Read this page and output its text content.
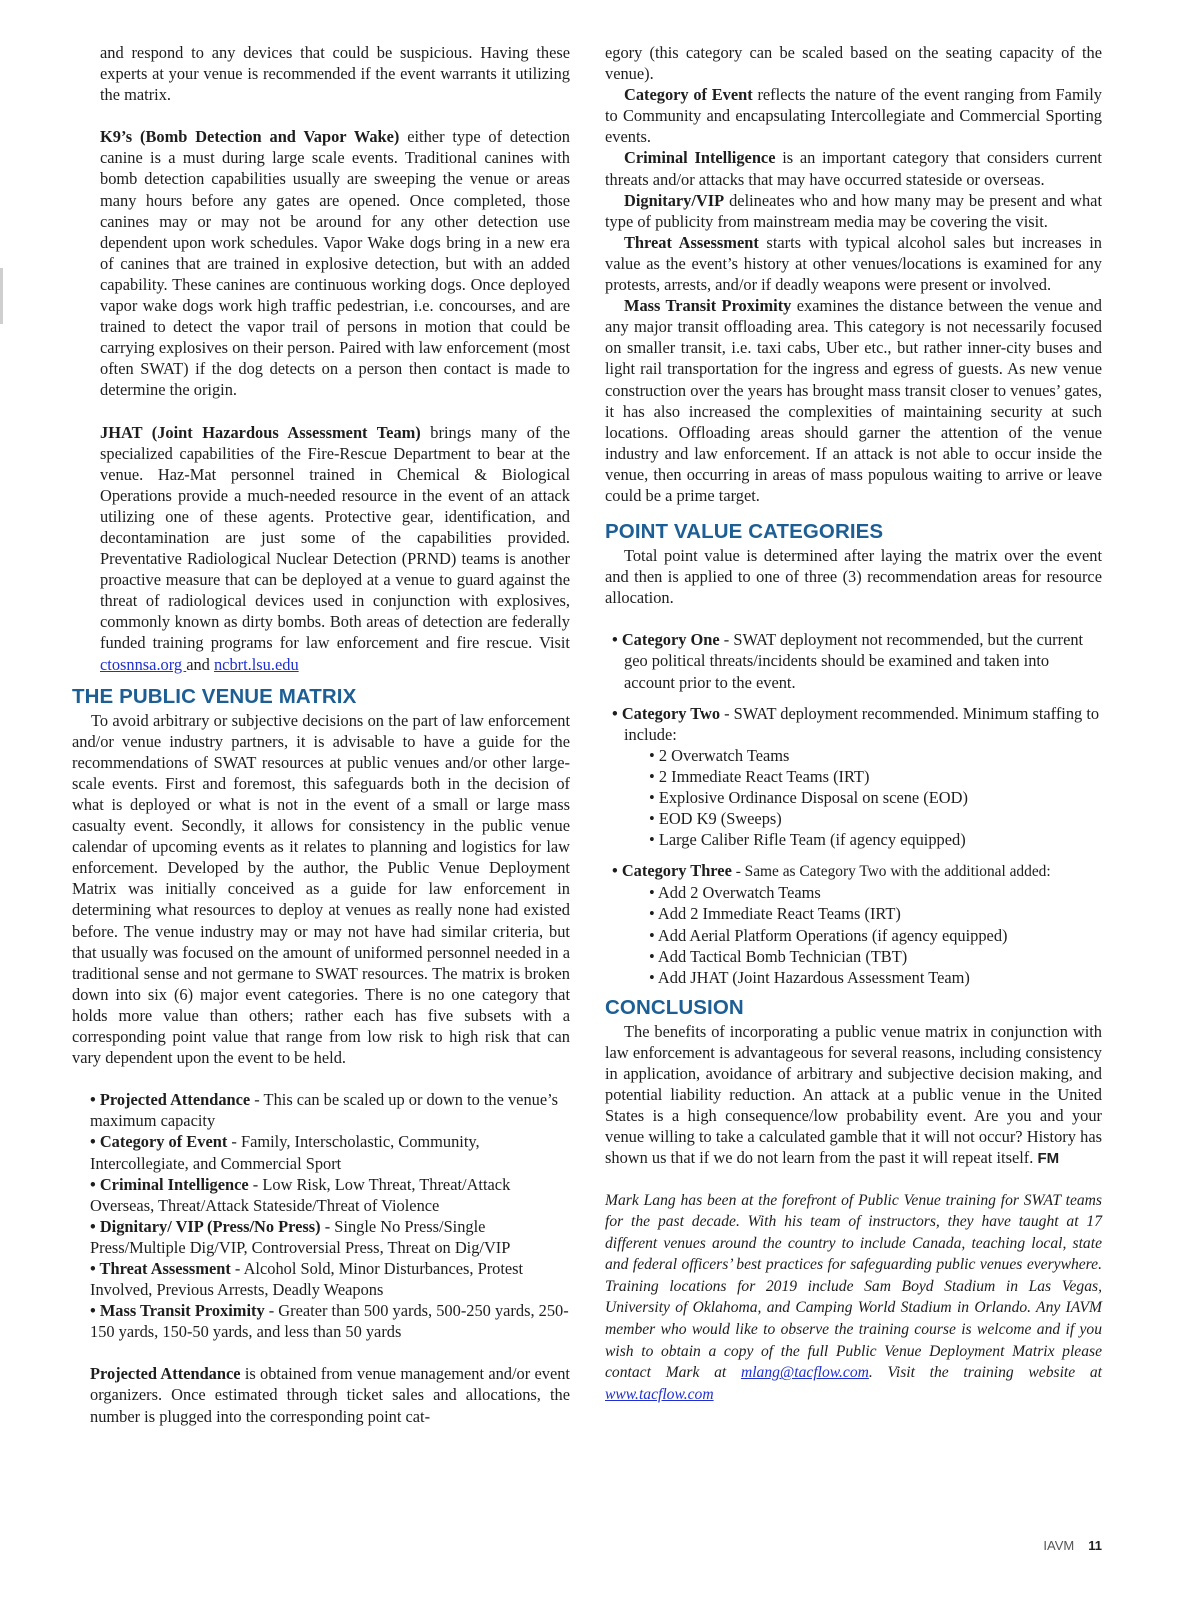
and respond to any devices that could be suspicious. Having these experts at your venue is recommended if the event warrants it utilizing the matrix.

K9’s (Bomb Detection and Vapor Wake) either type of detection canine is a must during large scale events. Traditional canines with bomb detection capabilities usually are sweeping the venue or areas many hours before any gates are opened. Once completed, those canines may or may not be around for any other detection use dependent upon work schedules. Vapor Wake dogs bring in a new era of canines that are trained in explosive detection, but with an added capability. These canines are continuous working dogs. Once deployed vapor wake dogs work high traffic pedestrian, i.e. concourses, and are trained to detect the vapor trail of persons in motion that could be carrying explosives on their person. Paired with law enforcement (most often SWAT) if the dog detects on a person then contact is made to determine the origin.

JHAT (Joint Hazardous Assessment Team) brings many of the specialized capabilities of the Fire-Rescue Department to bear at the venue. Haz-Mat personnel trained in Chemical & Biological Operations provide a much-needed resource in the event of an attack utilizing one of these agents. Protective gear, identification, and decontamination are just some of the capabilities provided. Preventative Radiological Nuclear Detection (PRND) teams is another proactive measure that can be deployed at a venue to guard against the threat of radiological devices used in conjunction with explosives, commonly known as dirty bombs. Both areas of detection are federally funded training programs for law enforcement and fire rescue. Visit ctosnnsa.org and ncbrt.lsu.edu

THE PUBLIC VENUE MATRIX

To avoid arbitrary or subjective decisions on the part of law enforcement and/or venue industry partners, it is advisable to have a guide for the recommendations of SWAT resources at public venues and/or other large-scale events. First and foremost, this safeguards both in the decision of what is deployed or what is not in the event of a small or large mass casualty event. Secondly, it allows for consistency in the public venue calendar of upcoming events as it relates to planning and logistics for law enforcement. Developed by the author, the Public Venue Deployment Matrix was initially conceived as a guide for law enforcement in determining what resources to deploy at venues as really none had existed before. The venue industry may or may not have had similar criteria, but that usually was focused on the amount of uniformed personnel needed in a traditional sense and not germane to SWAT resources. The matrix is broken down into six (6) major event categories. There is no one category that holds more value than others; rather each has five subsets with a corresponding point value that range from low risk to high risk that can vary dependent upon the event to be held.

• Projected Attendance - This can be scaled up or down to the venue’s maximum capacity
• Category of Event - Family, Interscholastic, Community, Intercollegiate, and Commercial Sport
• Criminal Intelligence - Low Risk, Low Threat, Threat/Attack Overseas, Threat/Attack Stateside/Threat of Violence
• Dignitary/ VIP (Press/No Press) - Single No Press/Single Press/Multiple Dig/VIP, Controversial Press, Threat on Dig/VIP
• Threat Assessment - Alcohol Sold, Minor Disturbances, Protest Involved, Previous Arrests, Deadly Weapons
• Mass Transit Proximity - Greater than 500 yards, 500-250 yards, 250-150 yards, 150-50 yards, and less than 50 yards

Projected Attendance is obtained from venue management and/or event organizers. Once estimated through ticket sales and allocations, the number is plugged into the corresponding point cat-

egory (this category can be scaled based on the seating capacity of the venue).

Category of Event reflects the nature of the event ranging from Family to Community and encapsulating Intercollegiate and Commercial Sporting events.

Criminal Intelligence is an important category that considers current threats and/or attacks that may have occurred stateside or overseas.

Dignitary/VIP delineates who and how many may be present and what type of publicity from mainstream media may be covering the visit.

Threat Assessment starts with typical alcohol sales but increases in value as the event’s history at other venues/locations is examined for any protests, arrests, and/or if deadly weapons were present or involved.

Mass Transit Proximity examines the distance between the venue and any major transit offloading area. This category is not necessarily focused on smaller transit, i.e. taxi cabs, Uber etc., but rather inner-city buses and light rail transportation for the ingress and egress of guests. As new venue construction over the years has brought mass transit closer to venues’ gates, it has also increased the complexities of maintaining security at such locations. Offloading areas should garner the attention of the venue industry and law enforcement. If an attack is not able to occur inside the venue, then occurring in areas of mass populous waiting to arrive or leave could be a prime target.

POINT VALUE CATEGORIES

Total point value is determined after laying the matrix over the event and then is applied to one of three (3) recommendation areas for resource allocation.

• Category One - SWAT deployment not recommended, but the current geo political threats/incidents should be examined and taken into account prior to the event.

• Category Two - SWAT deployment recommended. Minimum staffing to include:

• 2 Overwatch Teams
• 2 Immediate React Teams (IRT)
• Explosive Ordinance Disposal on scene (EOD)
• EOD K9 (Sweeps)
• Large Caliber Rifle Team (if agency equipped)

• Category Three - Same as Category Two with the additional added:

• Add 2 Overwatch Teams
• Add 2 Immediate React Teams (IRT)
• Add Aerial Platform Operations (if agency equipped)
• Add Tactical Bomb Technician (TBT)
• Add JHAT (Joint Hazardous Assessment Team)
CONCLUSION

The benefits of incorporating a public venue matrix in conjunction with law enforcement is advantageous for several reasons, including consistency in application, avoidance of arbitrary and subjective decision making, and potential liability reduction. An attack at a public venue in the United States is a high consequence/low probability event. Are you and your venue willing to take a calculated gamble that it will not occur? History has shown us that if we do not learn from the past it will repeat itself. FM

Mark Lang has been at the forefront of Public Venue training for SWAT teams for the past decade. With his team of instructors, they have taught at 17 different venues around the country to include Canada, teaching local, state and federal officers’ best practices for safeguarding public venues everywhere. Training locations for 2019 include Sam Boyd Stadium in Las Vegas, University of Oklahoma, and Camping World Stadium in Orlando. Any IAVM member who would like to observe the training course is welcome and if you wish to obtain a copy of the full Public Venue Deployment Matrix please contact Mark at mlang@tacflow.com. Visit the training website at www.tacflow.com

IAVM 11
